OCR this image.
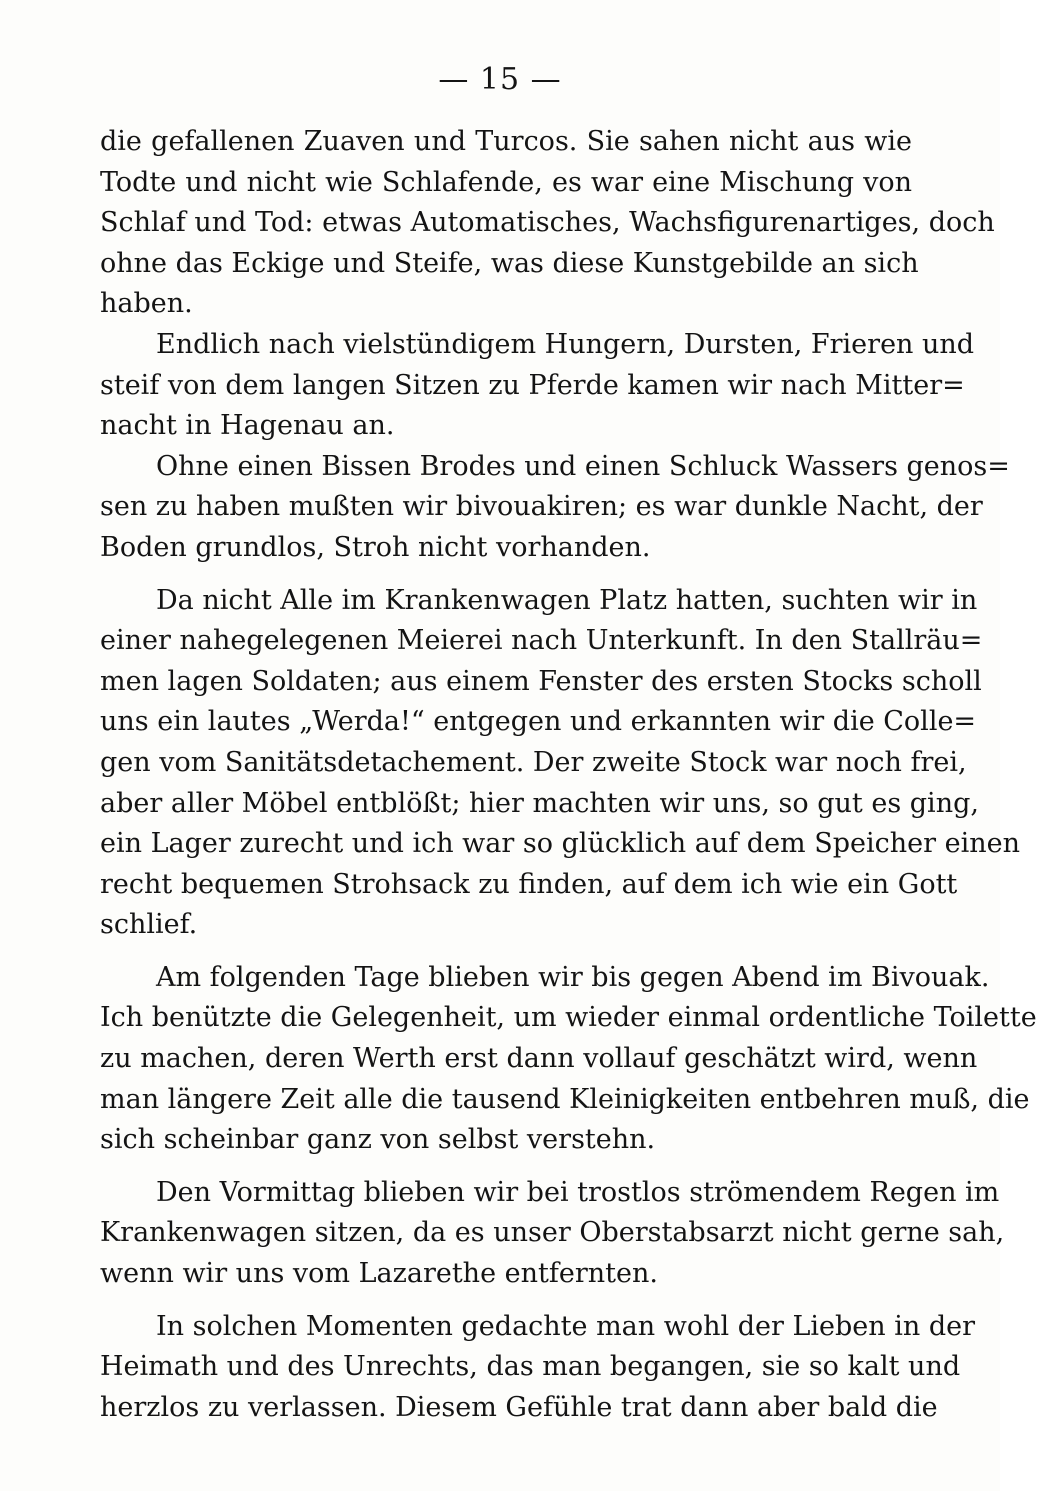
— 15 —
die gefallenen Zuaven und Turcos. Sie sahen nicht aus wie
Todte und nicht wie Schlafende, es war eine Mischung von
Schlaf und Tod: etwas Automatisches, Wachsfigurenartiges, doch
ohne das Eckige und Steife, was diese Kunstgebilde an sich
haben.
Endlich nach vielstündigem Hungern, Dursten, Frieren und
steif von dem langen Sitzen zu Pferde kamen wir nach Mitter=
nacht in Hagenau an.
Ohne einen Bissen Brodes und einen Schluck Wassers genos=
sen zu haben mußten wir bivouakiren; es war dunkle Nacht, der
Boden grundlos, Stroh nicht vorhanden.
Da nicht Alle im Krankenwagen Platz hatten, suchten wir in
einer nahegelegenen Meierei nach Unterkunft. In den Stallräu=
men lagen Soldaten; aus einem Fenster des ersten Stocks scholl
uns ein lautes „Werda!“ entgegen und erkannten wir die Colle=
gen vom Sanitätsdetachement. Der zweite Stock war noch frei,
aber aller Möbel entblößt; hier machten wir uns, so gut es ging,
ein Lager zurecht und ich war so glücklich auf dem Speicher einen
recht bequemen Strohsack zu finden, auf dem ich wie ein Gott
schlief.
Am folgenden Tage blieben wir bis gegen Abend im Bivouak.
Ich benützte die Gelegenheit, um wieder einmal ordentliche Toilette
zu machen, deren Werth erst dann vollauf geschätzt wird, wenn
man längere Zeit alle die tausend Kleinigkeiten entbehren muß, die
sich scheinbar ganz von selbst verstehn.
Den Vormittag blieben wir bei trostlos strömendem Regen im
Krankenwagen sitzen, da es unser Oberstabsarzt nicht gerne sah,
wenn wir uns vom Lazarethe entfernten.
In solchen Momenten gedachte man wohl der Lieben in der
Heimath und des Unrechts, das man begangen, sie so kalt und
herzlos zu verlassen. Diesem Gefühle trat dann aber bald die
